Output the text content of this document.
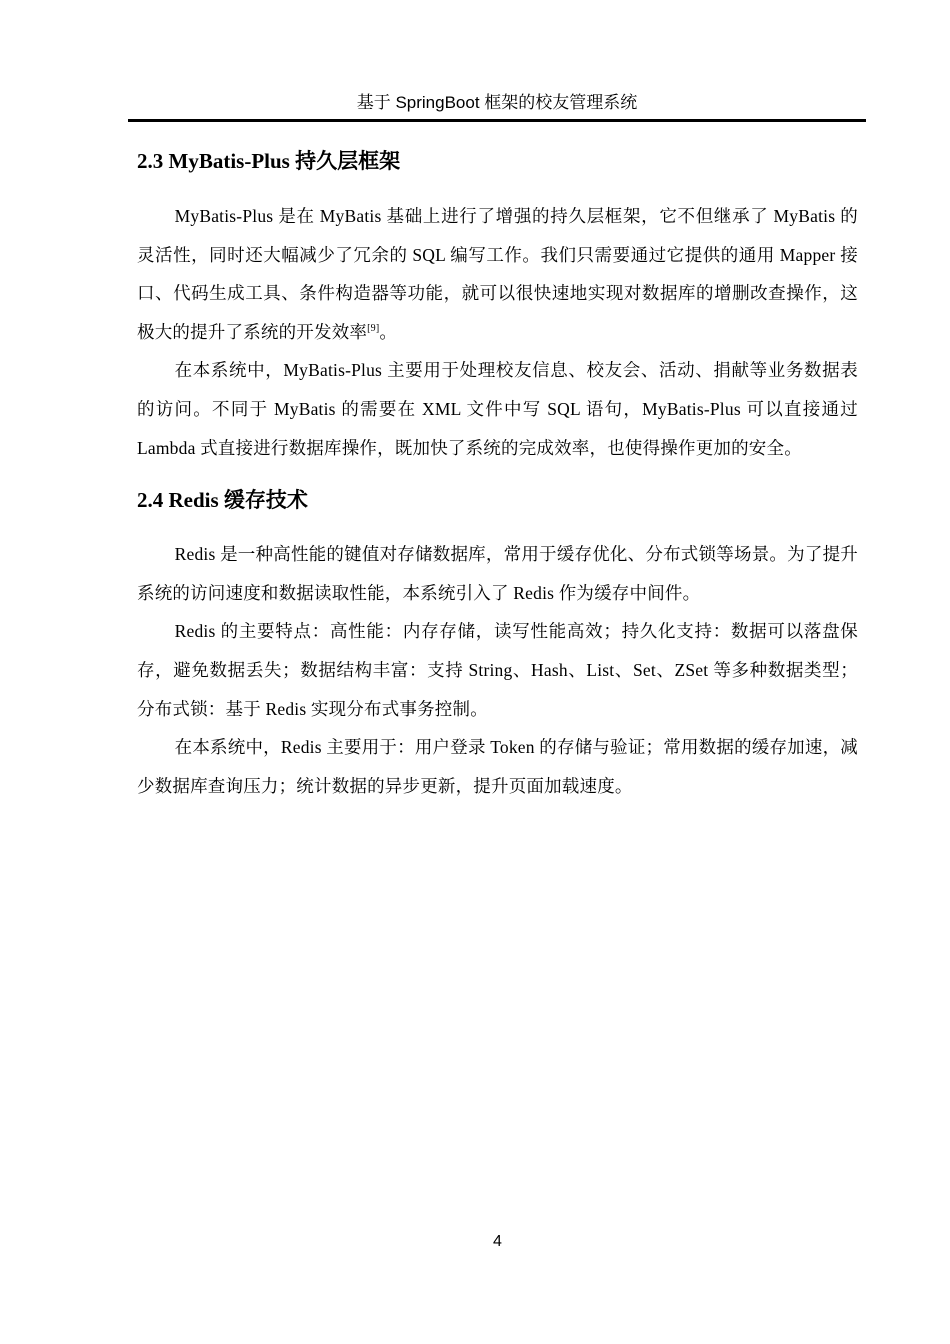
基于 SpringBoot 框架的校友管理系统
2.3 MyBatis-Plus 持久层框架

MyBatis-Plus 是在 MyBatis 基础上进行了增强的持久层框架，它不但继承了 MyBatis 的灵活性，同时还大幅减少了冗余的 SQL 编写工作。我们只需要通过它提供的通用 Mapper 接口、代码生成工具、条件构造器等功能，就可以很快速地实现对数据库的增删改查操作，这极大的提升了系统的开发效率[9]。

在本系统中，MyBatis-Plus 主要用于处理校友信息、校友会、活动、捐献等业务数据表的访问。不同于 MyBatis 的需要在 XML 文件中写 SQL 语句，MyBatis-Plus 可以直接通过 Lambda 式直接进行数据库操作，既加快了系统的完成效率，也使得操作更加的安全。

2.4 Redis 缓存技术

Redis 是一种高性能的键值对存储数据库，常用于缓存优化、分布式锁等场景。为了提升系统的访问速度和数据读取性能，本系统引入了 Redis 作为缓存中间件。

Redis 的主要特点：高性能：内存存储，读写性能高效；持久化支持：数据可以落盘保存，避免数据丢失；数据结构丰富：支持 String、Hash、List、Set、ZSet 等多种数据类型；分布式锁：基于 Redis 实现分布式事务控制。

在本系统中，Redis 主要用于：用户登录 Token 的存储与验证；常用数据的缓存加速，减少数据库查询压力；统计数据的异步更新，提升页面加载速度。

4
